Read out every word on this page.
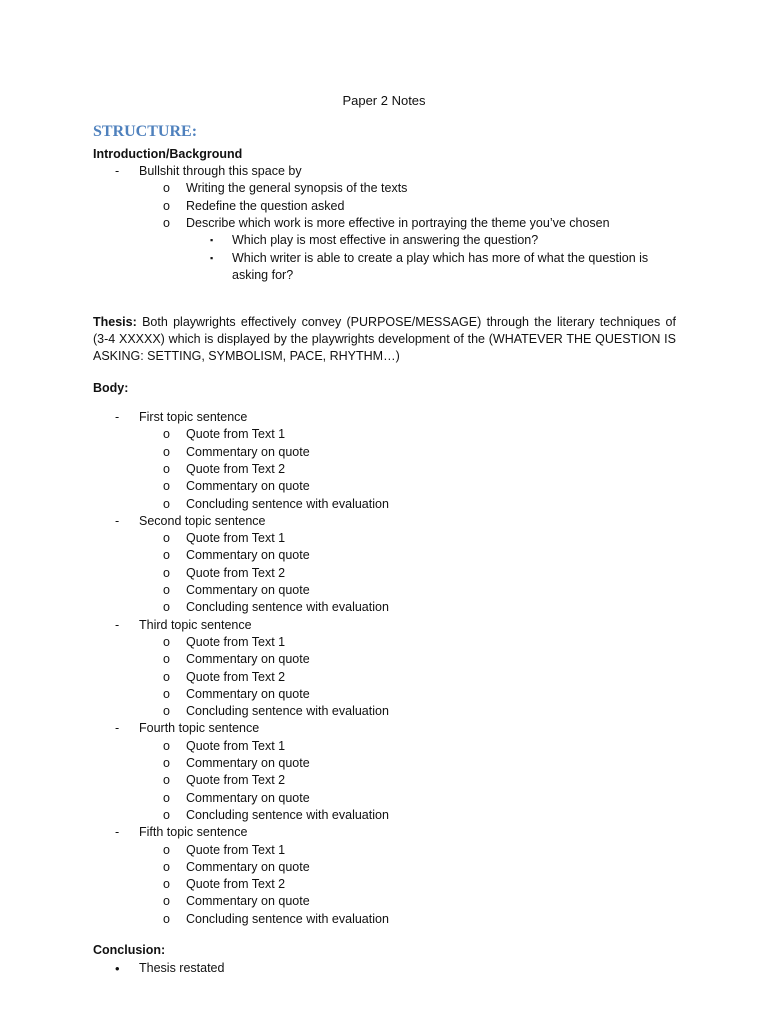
Paper 2 Notes
STRUCTURE:
Introduction/Background
- Bullshit through this space by
o Writing the general synopsis of the texts
o Redefine the question asked
o Describe which work is more effective in portraying the theme you’ve chosen
▪ Which play is most effective in answering the question?
▪ Which writer is able to create a play which has more of what the question is
asking for?
Thesis: Both playwrights effectively convey (PURPOSE/MESSAGE) through the literary techniques of (3-4 XXXXX) which is displayed by the playwrights development of the (WHATEVER THE QUESTION IS ASKING: SETTING, SYMBOLISM, PACE, RHYTHM…)
Body:
- First topic sentence
o Quote from Text 1
o Commentary on quote
o Quote from Text 2
o Commentary on quote
o Concluding sentence with evaluation
- Second topic sentence
o Quote from Text 1
o Commentary on quote
o Quote from Text 2
o Commentary on quote
o Concluding sentence with evaluation
- Third topic sentence
o Quote from Text 1
o Commentary on quote
o Quote from Text 2
o Commentary on quote
o Concluding sentence with evaluation
- Fourth topic sentence
o Quote from Text 1
o Commentary on quote
o Quote from Text 2
o Commentary on quote
o Concluding sentence with evaluation
- Fifth topic sentence
o Quote from Text 1
o Commentary on quote
o Quote from Text 2
o Commentary on quote
o Concluding sentence with evaluation
Conclusion:
• Thesis restated
